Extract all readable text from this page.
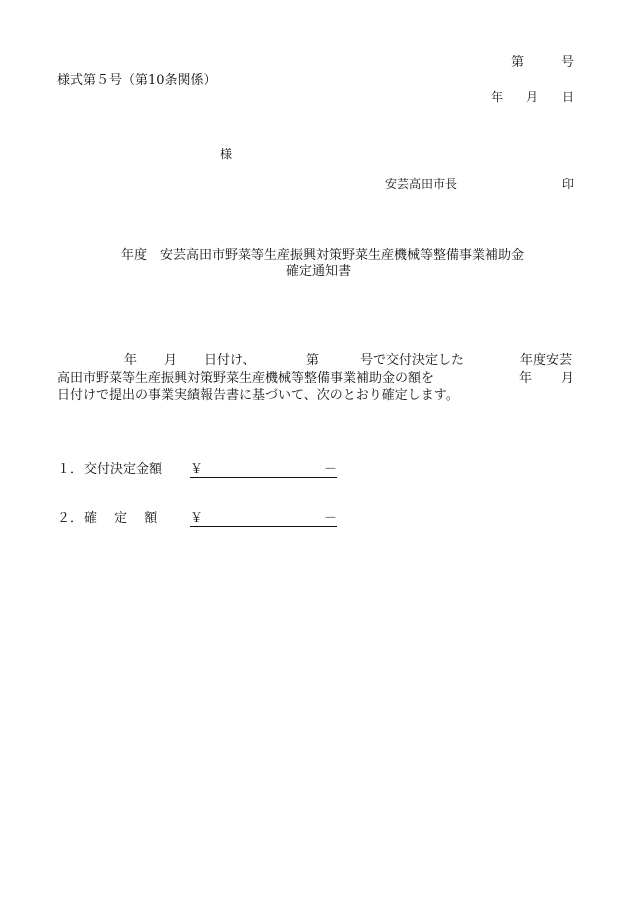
第	号
様式第５号（第10条関係）
年 月 日
様
安芸高田市長	印
年度　安芸高田市野菜等生産振興対策野菜生産機械等整備事業補助金
確定通知書
年 月 日付け、	第	号で交付決定した	年度安芸
高田市野菜等生産振興対策野菜生産機械等整備事業補助金の額を	年 月
日付けで提出の事業実績報告書に基づいて、次のとおり確定します。
１． 交付決定金額 ￥	－
２． 確　 定　 額	￥	－
